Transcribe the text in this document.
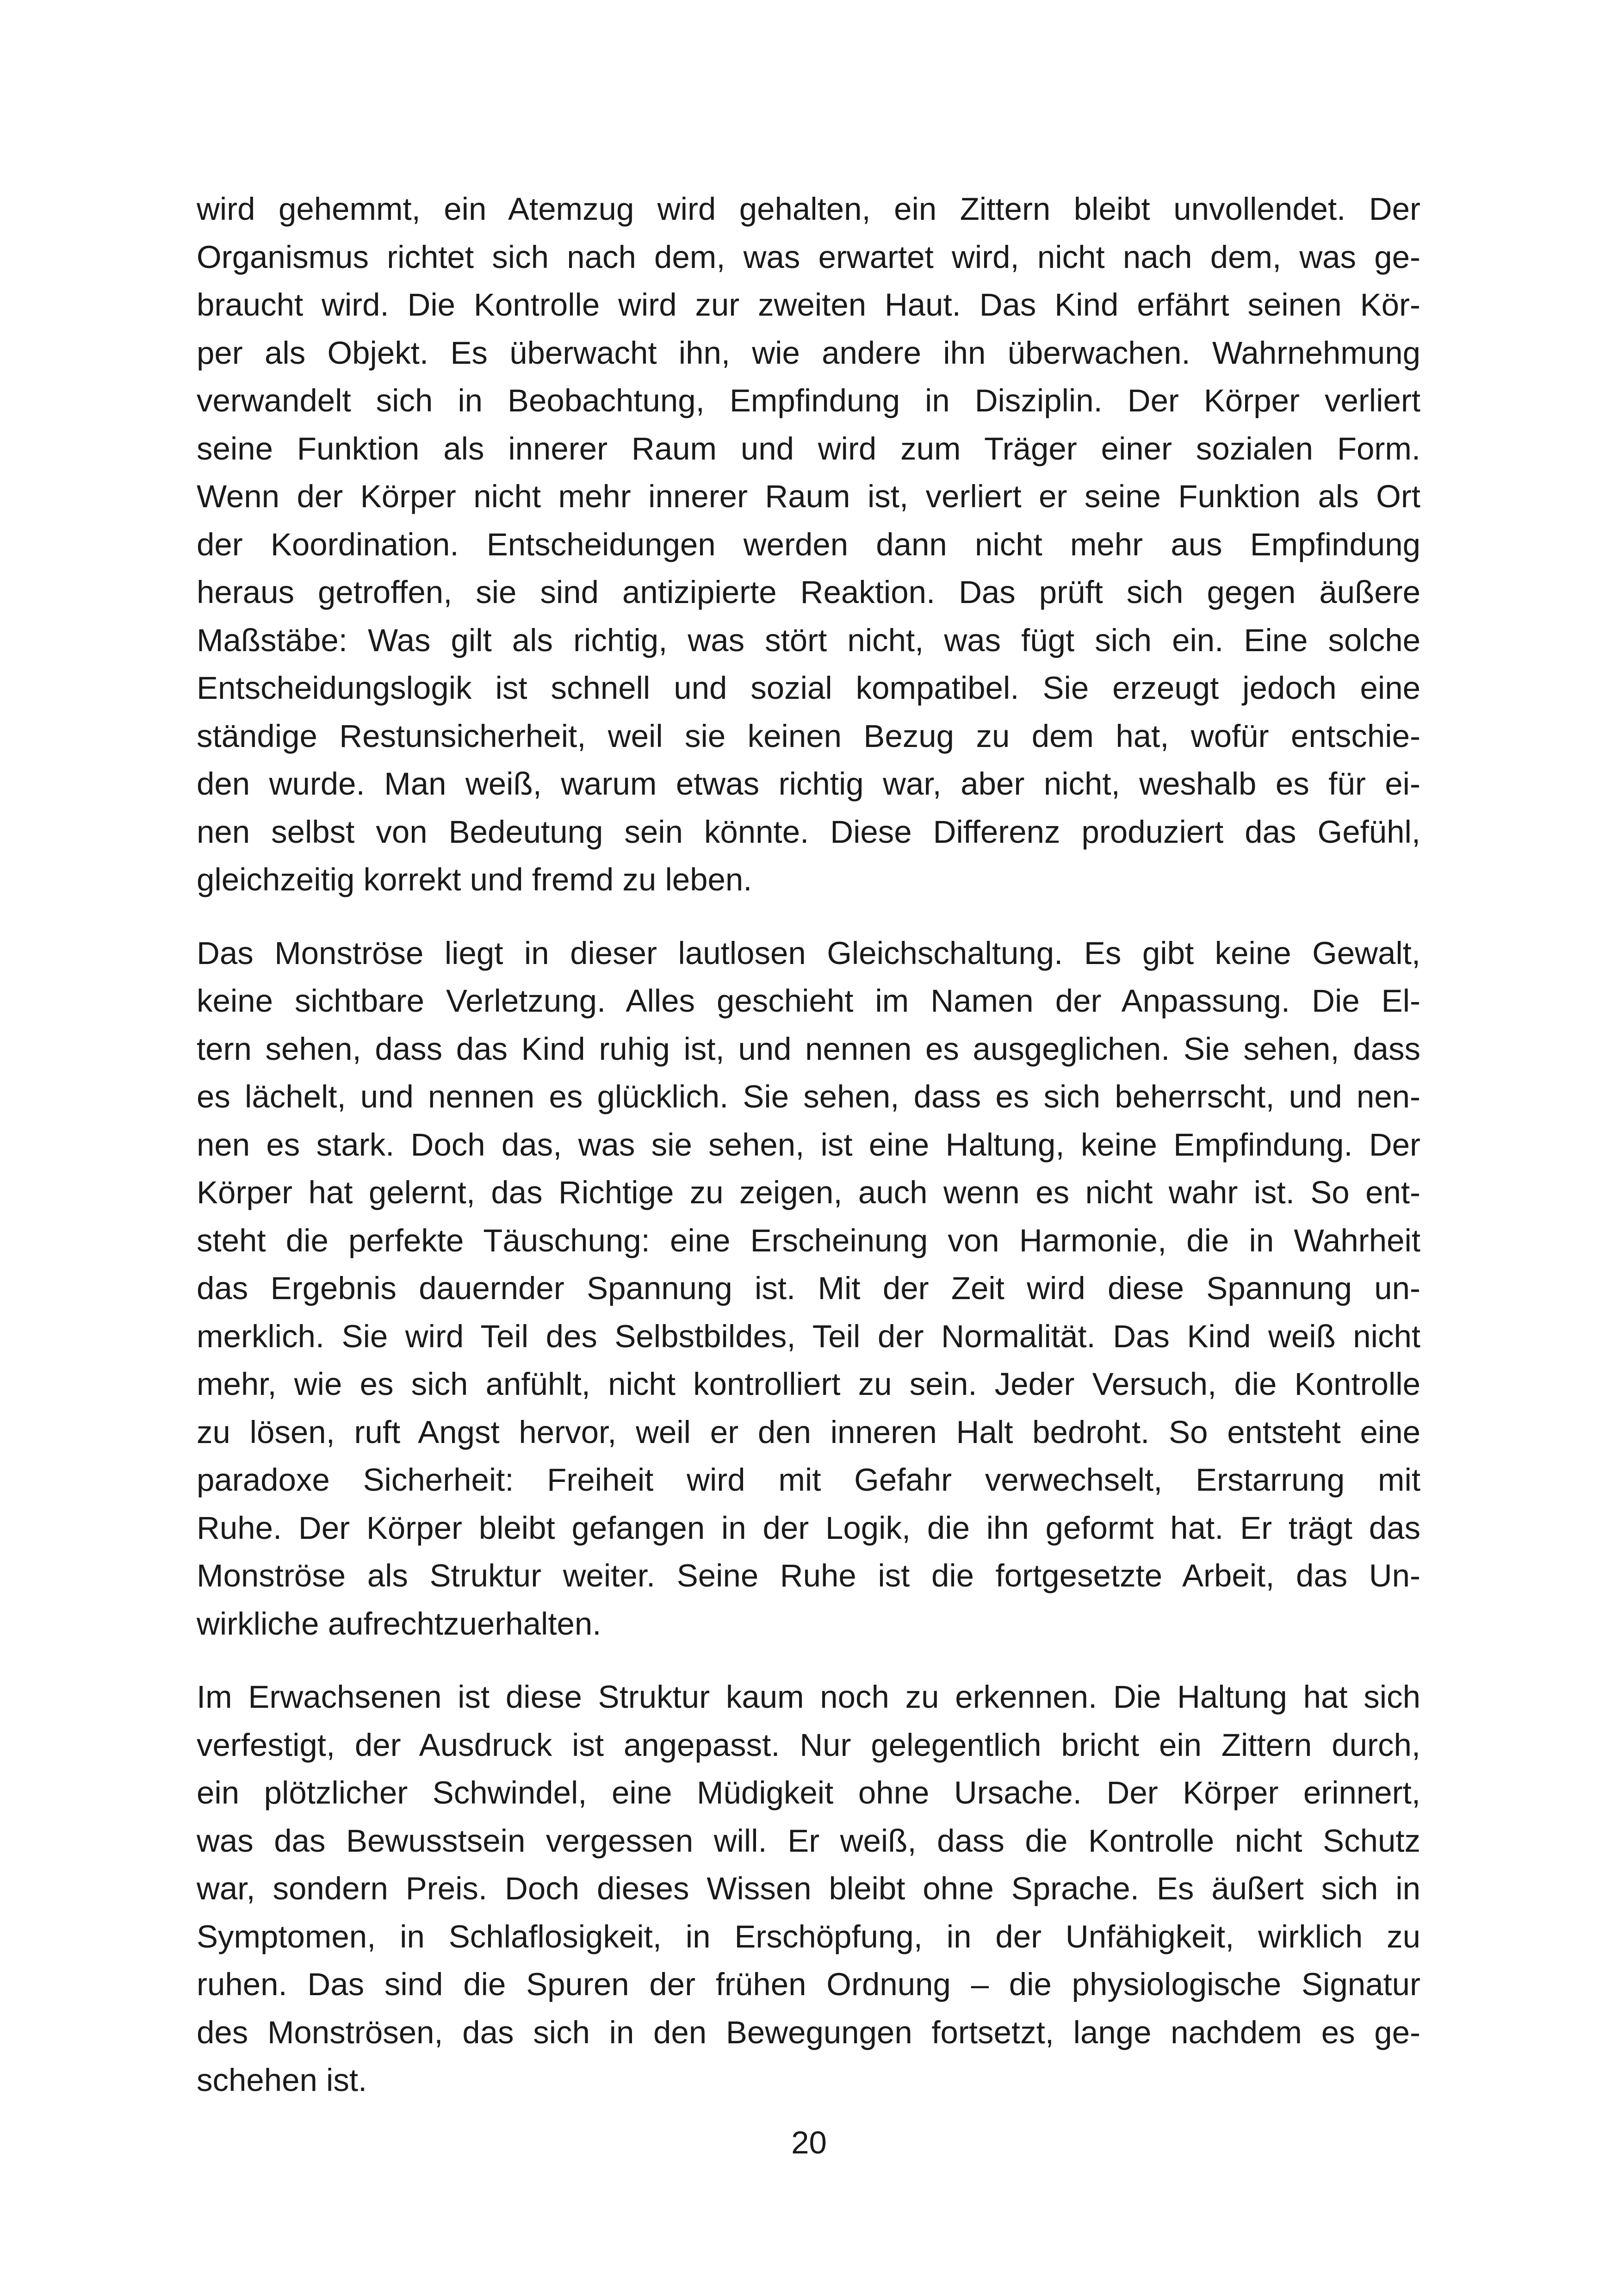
wird gehemmt, ein Atemzug wird gehalten, ein Zittern bleibt unvollendet. Der
Organismus richtet sich nach dem, was erwartet wird, nicht nach dem, was ge-
braucht wird. Die Kontrolle wird zur zweiten Haut. Das Kind erfährt seinen Kör-
per als Objekt. Es überwacht ihn, wie andere ihn überwachen. Wahrnehmung
verwandelt sich in Beobachtung, Empfindung in Disziplin. Der Körper verliert
seine Funktion als innerer Raum und wird zum Träger einer sozialen Form.
Wenn der Körper nicht mehr innerer Raum ist, verliert er seine Funktion als Ort
der Koordination. Entscheidungen werden dann nicht mehr aus Empfindung
heraus getroffen, sie sind antizipierte Reaktion. Das prüft sich gegen äußere
Maßstäbe: Was gilt als richtig, was stört nicht, was fügt sich ein. Eine solche
Entscheidungslogik ist schnell und sozial kompatibel. Sie erzeugt jedoch eine
ständige Restunsicherheit, weil sie keinen Bezug zu dem hat, wofür entschie-
den wurde. Man weiß, warum etwas richtig war, aber nicht, weshalb es für ei-
nen selbst von Bedeutung sein könnte. Diese Differenz produziert das Gefühl,
gleichzeitig korrekt und fremd zu leben.
Das Monströse liegt in dieser lautlosen Gleichschaltung. Es gibt keine Gewalt,
keine sichtbare Verletzung. Alles geschieht im Namen der Anpassung. Die El-
tern sehen, dass das Kind ruhig ist, und nennen es ausgeglichen. Sie sehen, dass
es lächelt, und nennen es glücklich. Sie sehen, dass es sich beherrscht, und nen-
nen es stark. Doch das, was sie sehen, ist eine Haltung, keine Empfindung. Der
Körper hat gelernt, das Richtige zu zeigen, auch wenn es nicht wahr ist. So ent-
steht die perfekte Täuschung: eine Erscheinung von Harmonie, die in Wahrheit
das Ergebnis dauernder Spannung ist. Mit der Zeit wird diese Spannung un-
merklich. Sie wird Teil des Selbstbildes, Teil der Normalität. Das Kind weiß nicht
mehr, wie es sich anfühlt, nicht kontrolliert zu sein. Jeder Versuch, die Kontrolle
zu lösen, ruft Angst hervor, weil er den inneren Halt bedroht. So entsteht eine
paradoxe Sicherheit: Freiheit wird mit Gefahr verwechselt, Erstarrung mit
Ruhe. Der Körper bleibt gefangen in der Logik, die ihn geformt hat. Er trägt das
Monströse als Struktur weiter. Seine Ruhe ist die fortgesetzte Arbeit, das Un-
wirkliche aufrechtzuerhalten.
Im Erwachsenen ist diese Struktur kaum noch zu erkennen. Die Haltung hat sich
verfestigt, der Ausdruck ist angepasst. Nur gelegentlich bricht ein Zittern durch,
ein plötzlicher Schwindel, eine Müdigkeit ohne Ursache. Der Körper erinnert,
was das Bewusstsein vergessen will. Er weiß, dass die Kontrolle nicht Schutz
war, sondern Preis. Doch dieses Wissen bleibt ohne Sprache. Es äußert sich in
Symptomen, in Schlaflosigkeit, in Erschöpfung, in der Unfähigkeit, wirklich zu
ruhen. Das sind die Spuren der frühen Ordnung – die physiologische Signatur
des Monströsen, das sich in den Bewegungen fortsetzt, lange nachdem es ge-
schehen ist.
20
